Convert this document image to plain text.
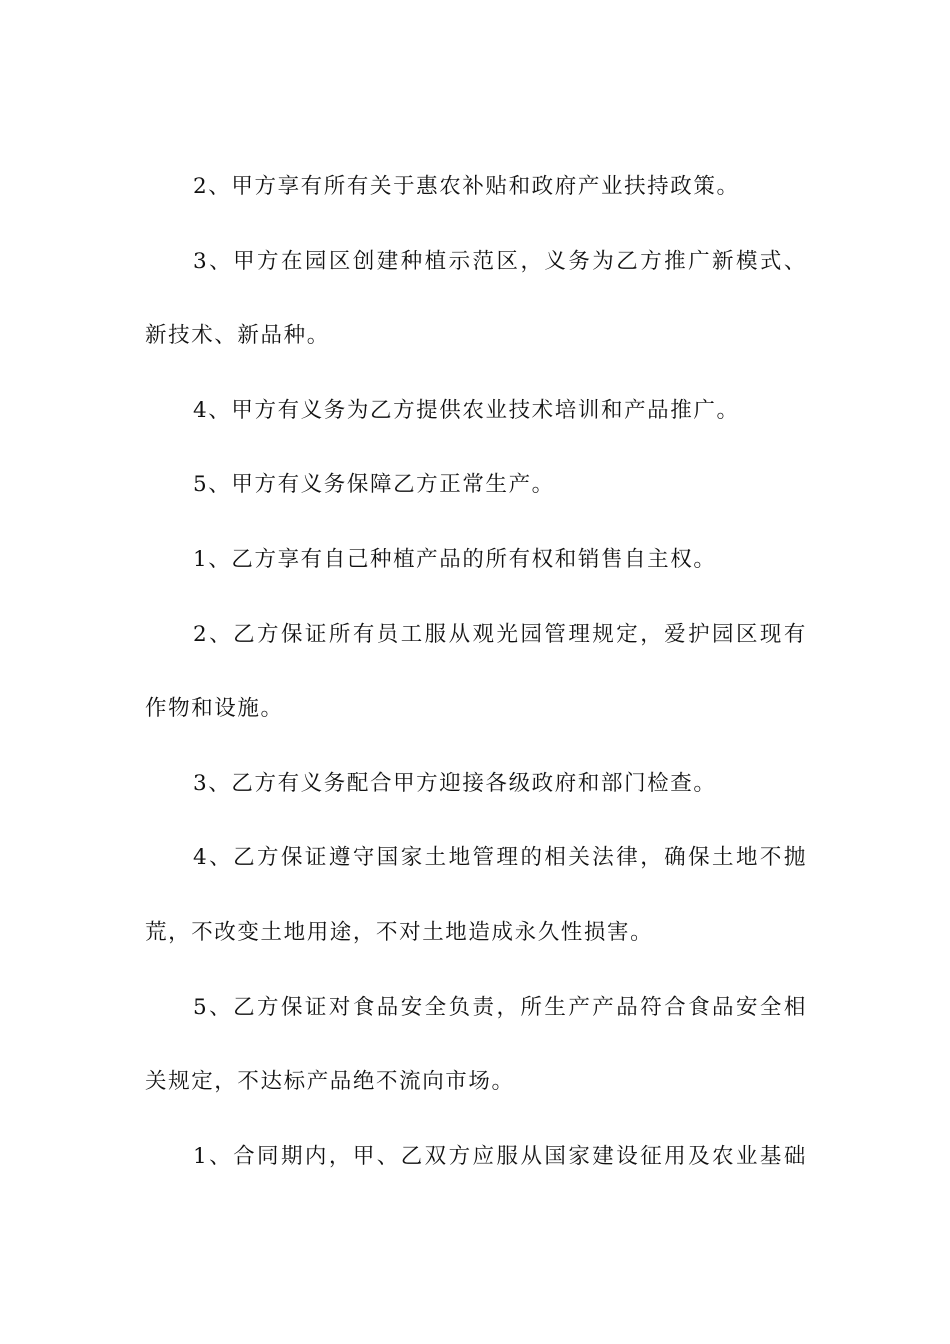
2、甲方享有所有关于惠农补贴和政府产业扶持政策。
3、甲方在园区创建种植示范区，义务为乙方推广新模式、
新技术、新品种。
4、甲方有义务为乙方提供农业技术培训和产品推广。
5、甲方有义务保障乙方正常生产。
1、乙方享有自己种植产品的所有权和销售自主权。
2、乙方保证所有员工服从观光园管理规定，爱护园区现有
作物和设施。
3、乙方有义务配合甲方迎接各级政府和部门检查。
4、乙方保证遵守国家土地管理的相关法律，确保土地不抛
荒，不改变土地用途，不对土地造成永久性损害。
5、乙方保证对食品安全负责，所生产产品符合食品安全相
关规定，不达标产品绝不流向市场。
1、合同期内，甲、乙双方应服从国家建设征用及农业基础
